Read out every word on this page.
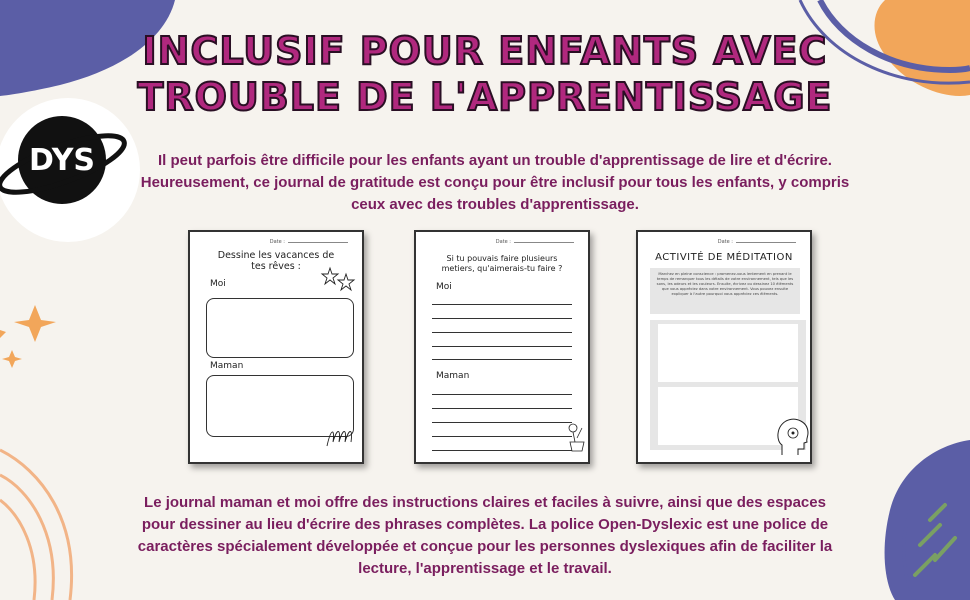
DYS
INCLUSIF POUR ENFANTS AVEC
TROUBLE DE L'APPRENTISSAGE

Il peut parfois être difficile pour les enfants ayant un trouble d'apprentissage de lire et d'écrire. Heureusement, ce journal de gratitude est conçu pour être inclusif pour tous les enfants, y compris ceux avec des troubles d'apprentissage.

Date :

Dessine les vacances de tes rêves :

Moi
Maman
Date :

Si tu pouvais faire plusieurs metiers, qu'aimerais-tu faire ?

Moi
Maman
Date :

ACTIVITÉ DE MÉDITATION

Marchez en pleine conscience : promenez-vous lentement en prenant le temps de remarquer tous les détails de votre environnement, tels que les sons, les odeurs et les couleurs. Ensuite, écrivez ou dessinez 10 éléments que vous appréciez dans votre environnement. Vous pouvez ensuite expliquer à l'autre pourquoi vous appréciez ces éléments.

Le journal maman et moi offre des instructions claires et faciles à suivre, ainsi que des espaces pour dessiner au lieu d'écrire des phrases complètes. La police Open-Dyslexic est une police de caractères spécialement développée et conçue pour les personnes dyslexiques afin de faciliter la lecture, l'apprentissage et le travail.
